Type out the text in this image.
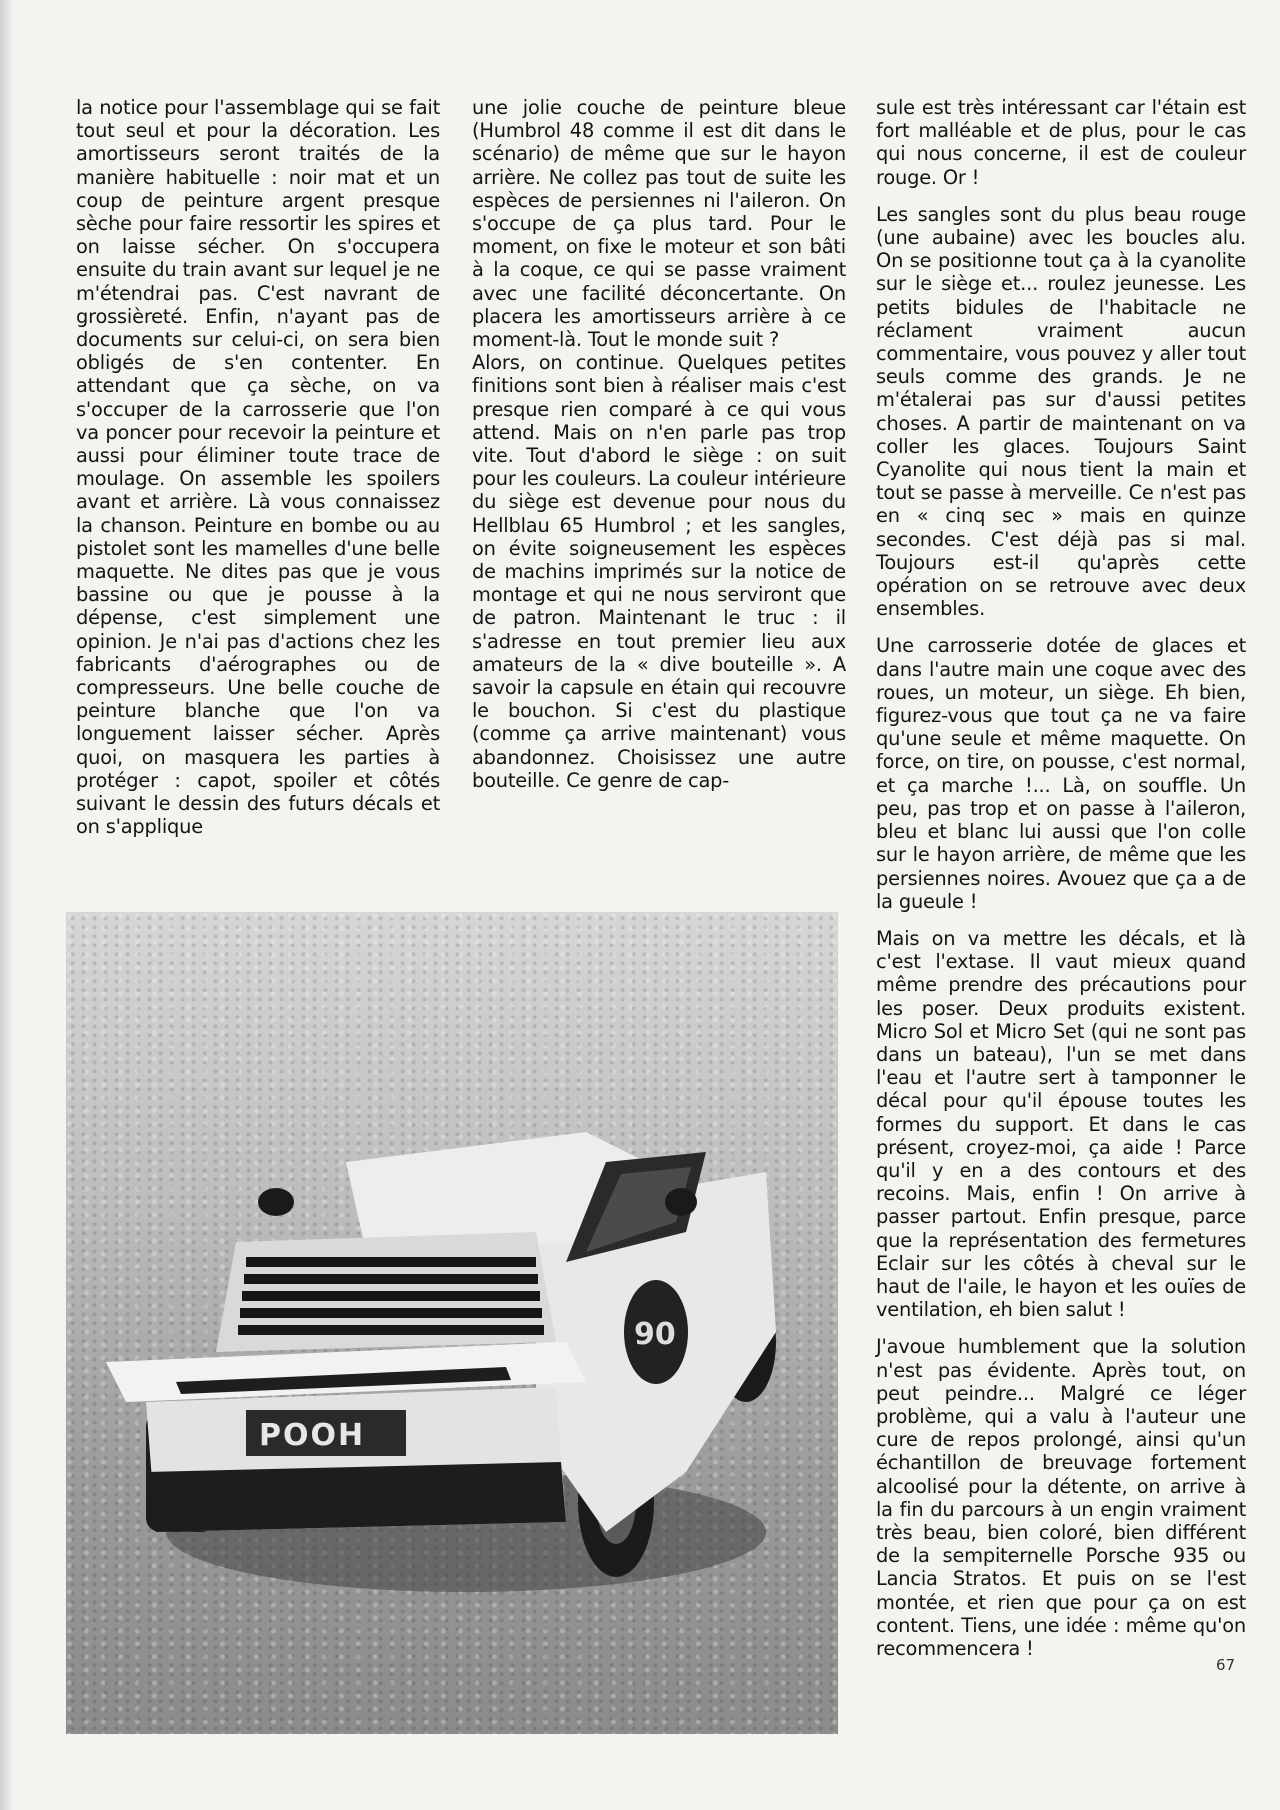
la notice pour l'assemblage qui se fait tout seul et pour la décoration. Les amortisseurs seront traités de la manière habituelle : noir mat et un coup de peinture argent presque sèche pour faire ressortir les spires et on laisse sécher. On s'occupera ensuite du train avant sur lequel je ne m'étendrai pas. C'est navrant de grossièreté. Enfin, n'ayant pas de documents sur celui-ci, on sera bien obligés de s'en contenter. En attendant que ça sèche, on va s'occuper de la carrosserie que l'on va poncer pour recevoir la peinture et aussi pour éliminer toute trace de moulage. On assemble les spoilers avant et arrière. Là vous connaissez la chanson. Peinture en bombe ou au pistolet sont les mamelles d'une belle maquette. Ne dites pas que je vous bassine ou que je pousse à la dépense, c'est simplement une opinion. Je n'ai pas d'actions chez les fabricants d'aérographes ou de compresseurs. Une belle couche de peinture blanche que l'on va longuement laisser sécher. Après quoi, on masquera les parties à protéger : capot, spoiler et côtés suivant le dessin des futurs décals et on s'applique

une jolie couche de peinture bleue (Humbrol 48 comme il est dit dans le scénario) de même que sur le hayon arrière. Ne collez pas tout de suite les espèces de persiennes ni l'aileron. On s'occupe de ça plus tard. Pour le moment, on fixe le moteur et son bâti à la coque, ce qui se passe vraiment avec une facilité déconcertante. On placera les amortisseurs arrière à ce moment-là. Tout le monde suit ?

Alors, on continue. Quelques petites finitions sont bien à réaliser mais c'est presque rien comparé à ce qui vous attend. Mais on n'en parle pas trop vite. Tout d'abord le siège : on suit pour les couleurs. La couleur intérieure du siège est devenue pour nous du Hellblau 65 Humbrol ; et les sangles, on évite soigneusement les espèces de machins imprimés sur la notice de montage et qui ne nous serviront que de patron. Maintenant le truc : il s'adresse en tout premier lieu aux amateurs de la « dive bouteille ». A savoir la capsule en étain qui recouvre le bouchon. Si c'est du plastique (comme ça arrive maintenant) vous abandonnez. Choisissez une autre bouteille. Ce genre de cap-

sule est très intéressant car l'étain est fort malléable et de plus, pour le cas qui nous concerne, il est de couleur rouge. Or !

Les sangles sont du plus beau rouge (une aubaine) avec les boucles alu. On se positionne tout ça à la cyanolite sur le siège et... roulez jeunesse. Les petits bidules de l'habitacle ne réclament vraiment aucun commentaire, vous pouvez y aller tout seuls comme des grands. Je ne m'étalerai pas sur d'aussi petites choses. A partir de maintenant on va coller les glaces. Toujours Saint Cyanolite qui nous tient la main et tout se passe à merveille. Ce n'est pas en « cinq sec » mais en quinze secondes. C'est déjà pas si mal. Toujours est-il qu'après cette opération on se retrouve avec deux ensembles.

Une carrosserie dotée de glaces et dans l'autre main une coque avec des roues, un moteur, un siège. Eh bien, figurez-vous que tout ça ne va faire qu'une seule et même maquette. On force, on tire, on pousse, c'est normal, et ça marche !... Là, on souffle. Un peu, pas trop et on passe à l'aileron, bleu et blanc lui aussi que l'on colle sur le hayon arrière, de même que les persiennes noires. Avouez que ça a de la gueule !

Mais on va mettre les décals, et là c'est l'extase. Il vaut mieux quand même prendre des précautions pour les poser. Deux produits existent. Micro Sol et Micro Set (qui ne sont pas dans un bateau), l'un se met dans l'eau et l'autre sert à tamponner le décal pour qu'il épouse toutes les formes du support. Et dans le cas présent, croyez-moi, ça aide ! Parce qu'il y en a des contours et des recoins. Mais, enfin ! On arrive à passer partout. Enfin presque, parce que la représentation des fermetures Eclair sur les côtés à cheval sur le haut de l'aile, le hayon et les ouïes de ventilation, eh bien salut !

J'avoue humblement que la solution n'est pas évidente. Après tout, on peut peindre... Malgré ce léger problème, qui a valu à l'auteur une cure de repos prolongé, ainsi qu'un échantillon de breuvage fortement alcoolisé pour la détente, on arrive à la fin du parcours à un engin vraiment très beau, bien coloré, bien différent de la sempiternelle Porsche 935 ou Lancia Stratos. Et puis on se l'est montée, et rien que pour ça on est content. Tiens, une idée : même qu'on recommencera !

POOH
90
67
